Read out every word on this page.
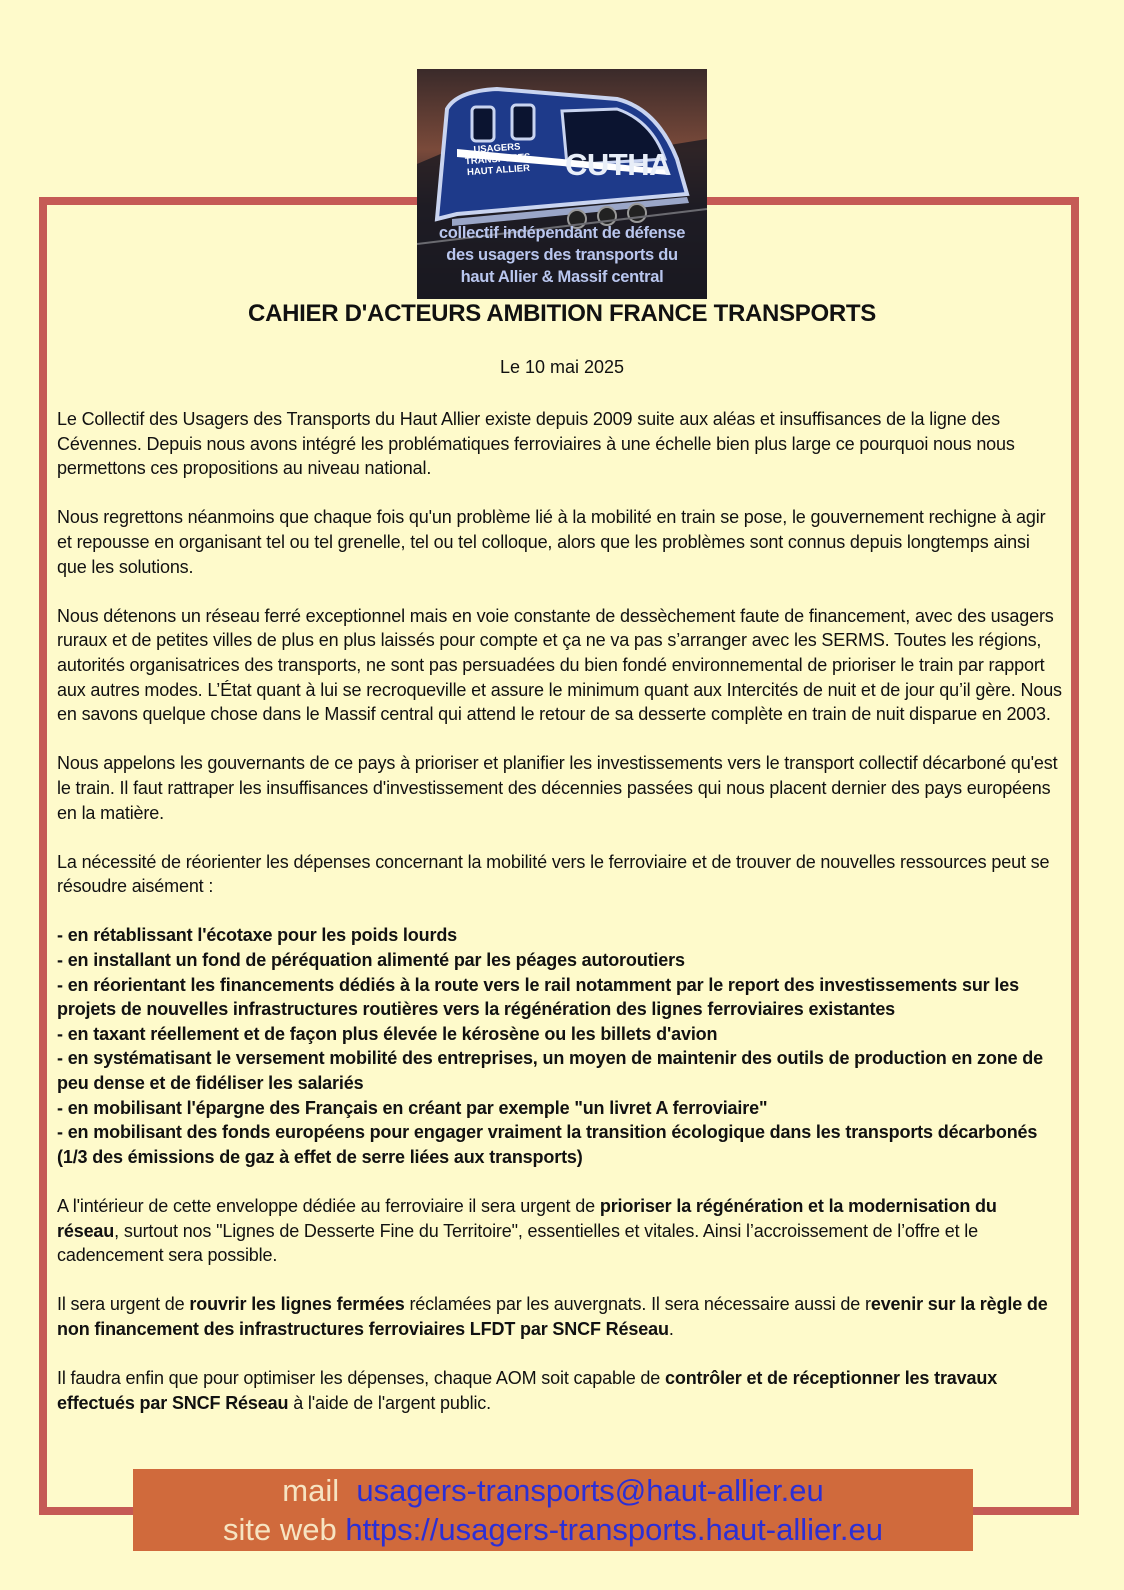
USAGERS
TRANSPORTS
HAUT ALLIER CUTHA
collectif indépendant de défense
des usagers des transports du
haut Allier & Massif central
CAHIER D'ACTEURS AMBITION FRANCE TRANSPORTS
Le 10 mai 2025

Le Collectif des Usagers des Transports du Haut Allier existe depuis 2009 suite aux aléas et insuffisances de la ligne des Cévennes. Depuis nous avons intégré les problématiques ferroviaires à une échelle bien plus large ce pourquoi nous nous permettons ces propositions au niveau national.

Nous regrettons néanmoins que chaque fois qu'un problème lié à la mobilité en train se pose, le gouvernement rechigne à agir et repousse en organisant tel ou tel grenelle, tel ou tel colloque, alors que les problèmes sont connus depuis longtemps ainsi que les solutions.

Nous détenons un réseau ferré exceptionnel mais en voie constante de dessèchement faute de financement, avec des usagers ruraux et de petites villes de plus en plus laissés pour compte et ça ne va pas s’arranger avec les SERMS. Toutes les régions, autorités organisatrices des transports, ne sont pas persuadées du bien fondé environnemental de prioriser le train par rapport aux autres modes. L’État quant à lui se recroqueville et assure le minimum quant aux Intercités de nuit et de jour qu’il gère. Nous en savons quelque chose dans le Massif central qui attend le retour de sa desserte complète en train de nuit disparue en 2003.

Nous appelons les gouvernants de ce pays à prioriser et planifier les investissements vers le transport collectif décarboné qu'est le train. Il faut rattraper les insuffisances d'investissement des décennies passées qui nous placent dernier des pays européens en la matière.

La nécessité de réorienter les dépenses concernant la mobilité vers le ferroviaire et de trouver de nouvelles ressources peut se résoudre aisément :

- en rétablissant l'écotaxe pour les poids lourds
- en installant un fond de péréquation alimenté par les péages autoroutiers
- en réorientant les financements dédiés à la route vers le rail notamment par le report des investissements sur les projets de nouvelles infrastructures routières vers la régénération des lignes ferroviaires existantes
- en taxant réellement et de façon plus élevée le kérosène ou les billets d'avion
- en systématisant le versement mobilité des entreprises, un moyen de maintenir des outils de production en zone de peu dense et de fidéliser les salariés
- en mobilisant l'épargne des Français en créant par exemple "un livret A ferroviaire"
- en mobilisant des fonds européens pour engager vraiment la transition écologique dans les transports décarbonés (1/3 des émissions de gaz à effet de serre liées aux transports)

A l'intérieur de cette enveloppe dédiée au ferroviaire il sera urgent de prioriser la régénération et la modernisation du réseau, surtout nos "Lignes de Desserte Fine du Territoire", essentielles et vitales. Ainsi l’accroissement de l’offre et le cadencement sera possible.

Il sera urgent de rouvrir les lignes fermées réclamées par les auvergnats. Il sera nécessaire aussi de revenir sur la règle de non financement des infrastructures ferroviaires LFDT par SNCF Réseau.

Il faudra enfin que pour optimiser les dépenses, chaque AOM soit capable de contrôler et de réceptionner les travaux effectués par SNCF Réseau à l'aide de l'argent public.

mail usagers-transports@haut-allier.eu
site web https://usagers-transports.haut-allier.eu
